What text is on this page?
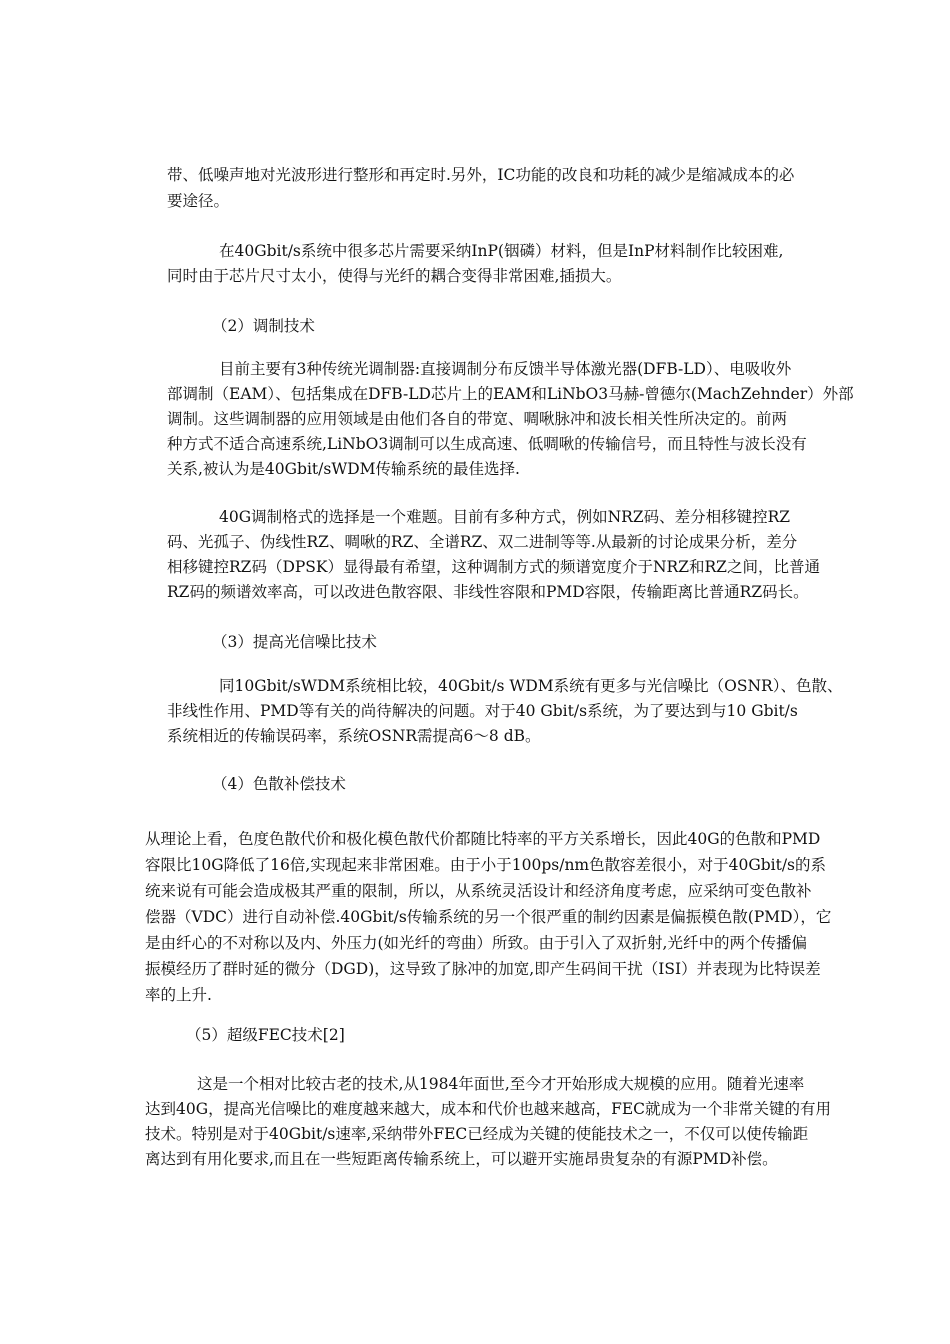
带、低噪声地对光波形进行整形和再定时.另外，IC功能的改良和功耗的减少是缩减成本的必
要途径。
在40Gbit/s系统中很多芯片需要采纳InP(铟磷）材料，但是InP材料制作比较困难,
同时由于芯片尺寸太小，使得与光纤的耦合变得非常困难,插损大。
（2）调制技术
目前主要有3种传统光调制器:直接调制分布反馈半导体激光器(DFB-LD）、电吸收外
部调制（EAM）、包括集成在DFB-LD芯片上的EAM和LiNbO3马赫-曾德尔(MachZehnder）外部
调制。这些调制器的应用领域是由他们各自的带宽、啁啾脉冲和波长相关性所决定的。前两
种方式不适合高速系统,LiNbO3调制可以生成高速、低啁啾的传输信号，而且特性与波长没有
关系,被认为是40Gbit/sWDM传输系统的最佳选择.
40G调制格式的选择是一个难题。目前有多种方式，例如NRZ码、差分相移键控RZ
码、光孤子、伪线性RZ、啁啾的RZ、全谱RZ、双二进制等等.从最新的讨论成果分析，差分
相移键控RZ码（DPSK）显得最有希望，这种调制方式的频谱宽度介于NRZ和RZ之间，比普通
RZ码的频谱效率高，可以改进色散容限、非线性容限和PMD容限，传输距离比普通RZ码长。
（3）提高光信噪比技术
同10Gbit/sWDM系统相比较，40Gbit/s WDM系统有更多与光信噪比（OSNR）、色散、
非线性作用、PMD等有关的尚待解决的问题。对于40 Gbit/s系统，为了要达到与10 Gbit/s
系统相近的传输误码率，系统OSNR需提高6～8 dB。
（4）色散补偿技术
从理论上看，色度色散代价和极化模色散代价都随比特率的平方关系增长，因此40G的色散和PMD
容限比10G降低了16倍,实现起来非常困难。由于小于100ps/nm色散容差很小，对于40Gbit/s的系
统来说有可能会造成极其严重的限制，所以，从系统灵活设计和经济角度考虑，应采纳可变色散补
偿器（VDC）进行自动补偿.40Gbit/s传输系统的另一个很严重的制约因素是偏振模色散(PMD），它
是由纤心的不对称以及内、外压力(如光纤的弯曲）所致。由于引入了双折射,光纤中的两个传播偏
振模经历了群时延的微分（DGD)，这导致了脉冲的加宽,即产生码间干扰（ISI）并表现为比特误差
率的上升.
（5）超级FEC技术[2]
这是一个相对比较古老的技术,从1984年面世,至今才开始形成大规模的应用。随着光速率
达到40G，提高光信噪比的难度越来越大，成本和代价也越来越高，FEC就成为一个非常关键的有用
技术。特别是对于40Gbit/s速率,采纳带外FEC已经成为关键的使能技术之一，不仅可以使传输距
离达到有用化要求,而且在一些短距离传输系统上，可以避开实施昂贵复杂的有源PMD补偿。
